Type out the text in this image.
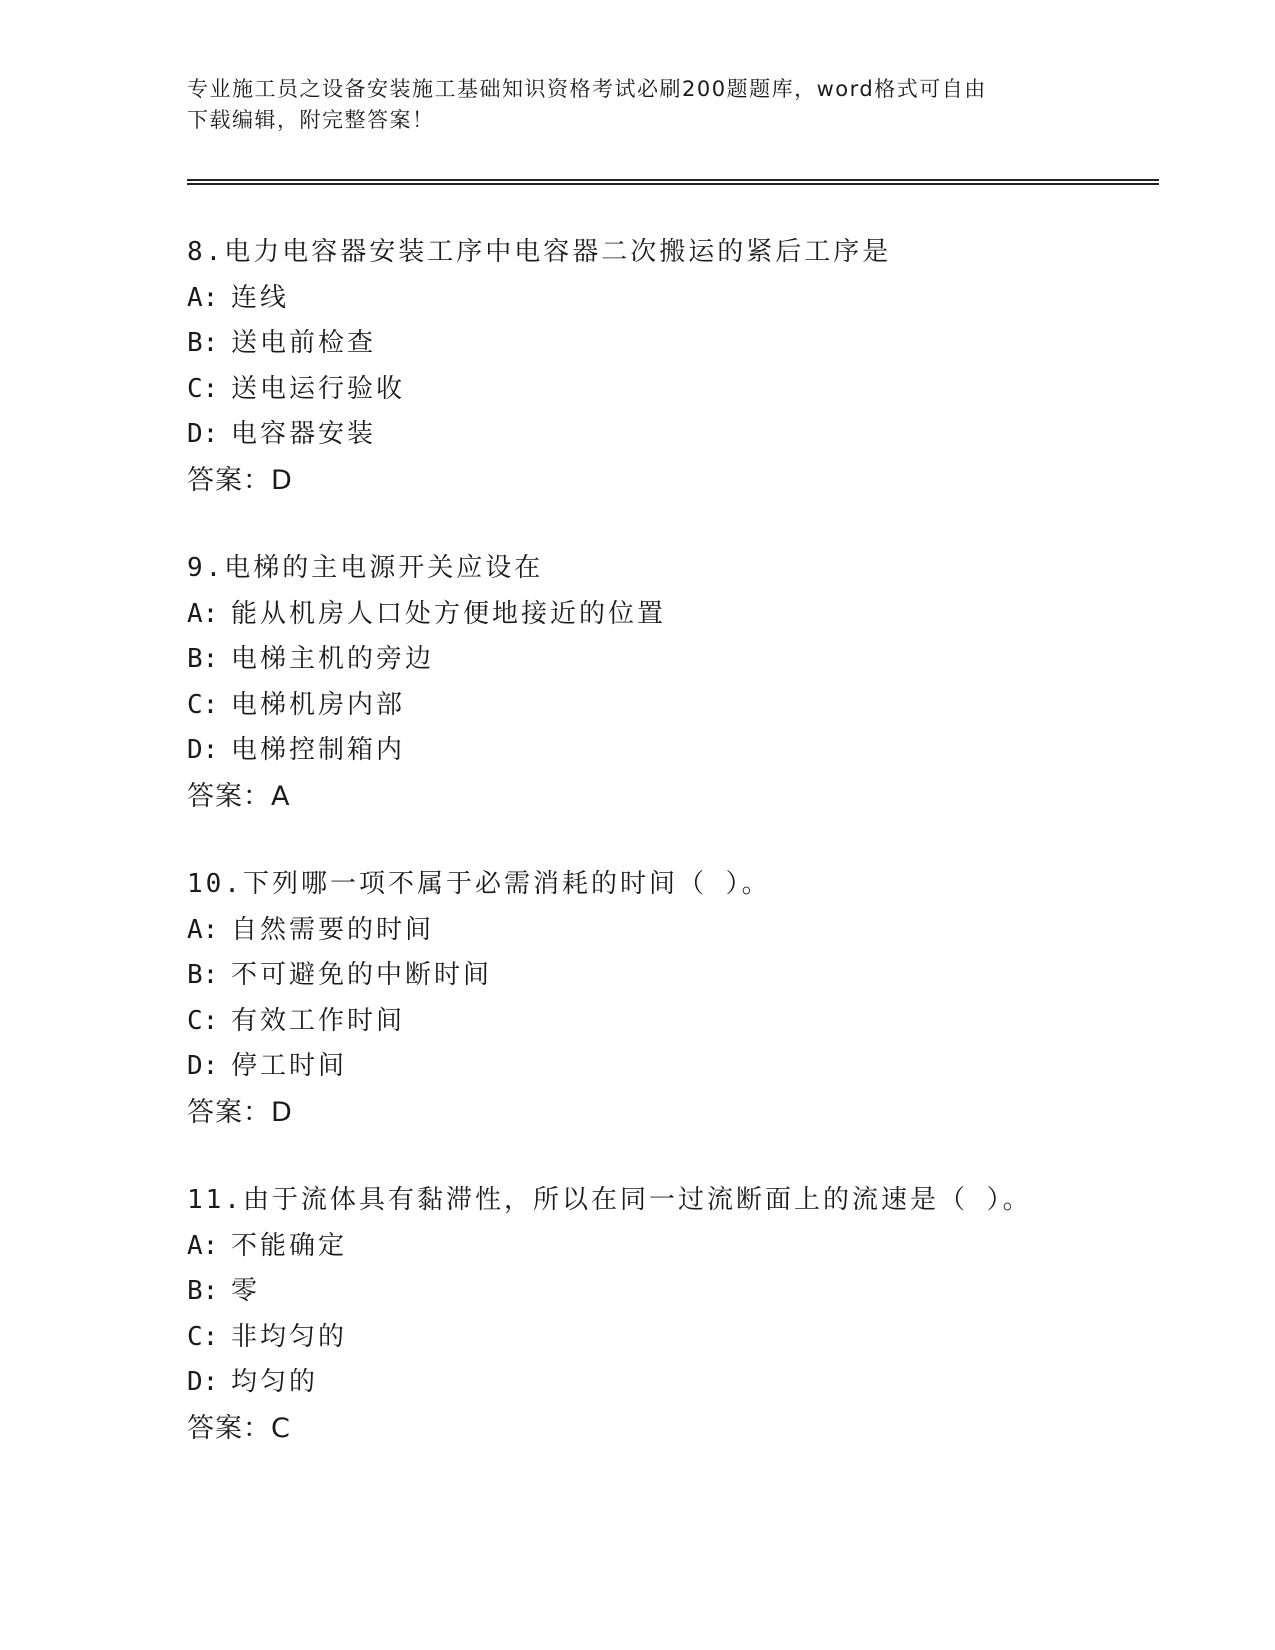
专业施工员之设备安装施工基础知识资格考试必刷200题题库，word格式可自由
下载编辑，附完整答案！
8.电力电容器安装工序中电容器二次搬运的紧后工序是
A: 连线
B: 送电前检查
C: 送电运行验收
D: 电容器安装
答案：D
9.电梯的主电源开关应设在
A: 能从机房人口处方便地接近的位置
B: 电梯主机的旁边
C: 电梯机房内部
D: 电梯控制箱内
答案：A
10.下列哪一项不属于必需消耗的时间（ ）。
A: 自然需要的时间
B: 不可避免的中断时间
C: 有效工作时间
D: 停工时间
答案：D
11.由于流体具有黏滞性，所以在同一过流断面上的流速是（ ）。
A: 不能确定
B: 零
C: 非均匀的
D: 均匀的
答案：C
